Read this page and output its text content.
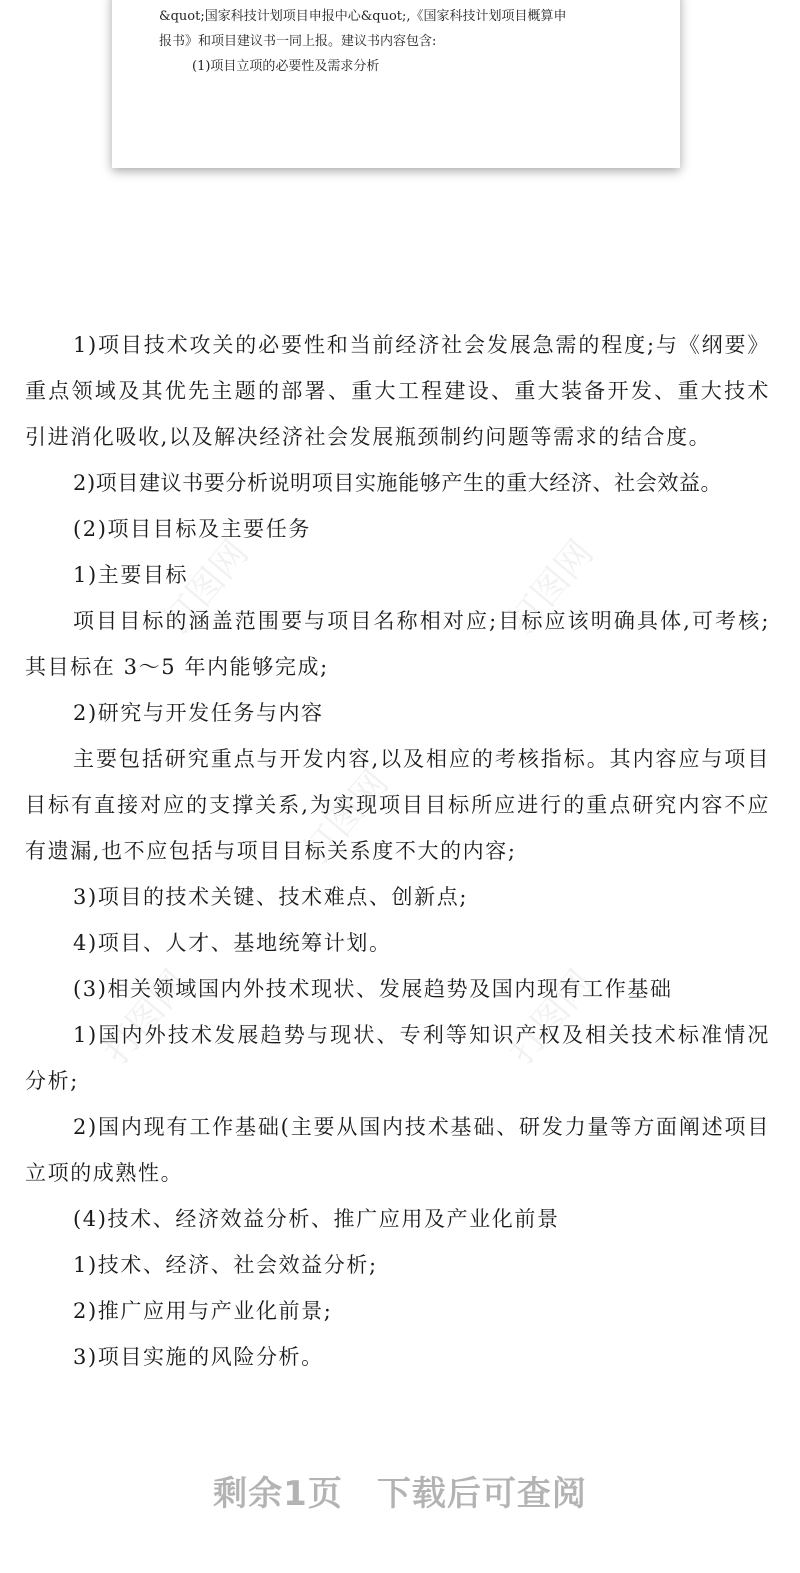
&quot;国家科技计划项目申报中心&quot;,《国家科技计划项目概算申

报书》和项目建议书一同上报。建议书内容包含:

(1)项目立项的必要性及需求分析

打图网	打图网
打图网
打图网	打图网

1)项目技术攻关的必要性和当前经济社会发展急需的程度;与《纲要》重点领域及其优先主题的部署、重大工程建设、重大装备开发、重大技术引进消化吸收,以及解决经济社会发展瓶颈制约问题等需求的结合度。

2)项目建议书要分析说明项目实施能够产生的重大经济、社会效益。

(2)项目目标及主要任务

1)主要目标

项目目标的涵盖范围要与项目名称相对应;目标应该明确具体,可考核;其目标在 3～5 年内能够完成;

2)研究与开发任务与内容

主要包括研究重点与开发内容,以及相应的考核指标。其内容应与项目目标有直接对应的支撑关系,为实现项目目标所应进行的重点研究内容不应有遗漏,也不应包括与项目目标关系度不大的内容;

3)项目的技术关键、技术难点、创新点;

4)项目、人才、基地统筹计划。

(3)相关领域国内外技术现状、发展趋势及国内现有工作基础

1)国内外技术发展趋势与现状、专利等知识产权及相关技术标准情况分析;

2)国内现有工作基础(主要从国内技术基础、研发力量等方面阐述项目立项的成熟性。

(4)技术、经济效益分析、推广应用及产业化前景

1)技术、经济、社会效益分析;

2)推广应用与产业化前景;

3)项目实施的风险分析。

剩余1页 下载后可查阅
